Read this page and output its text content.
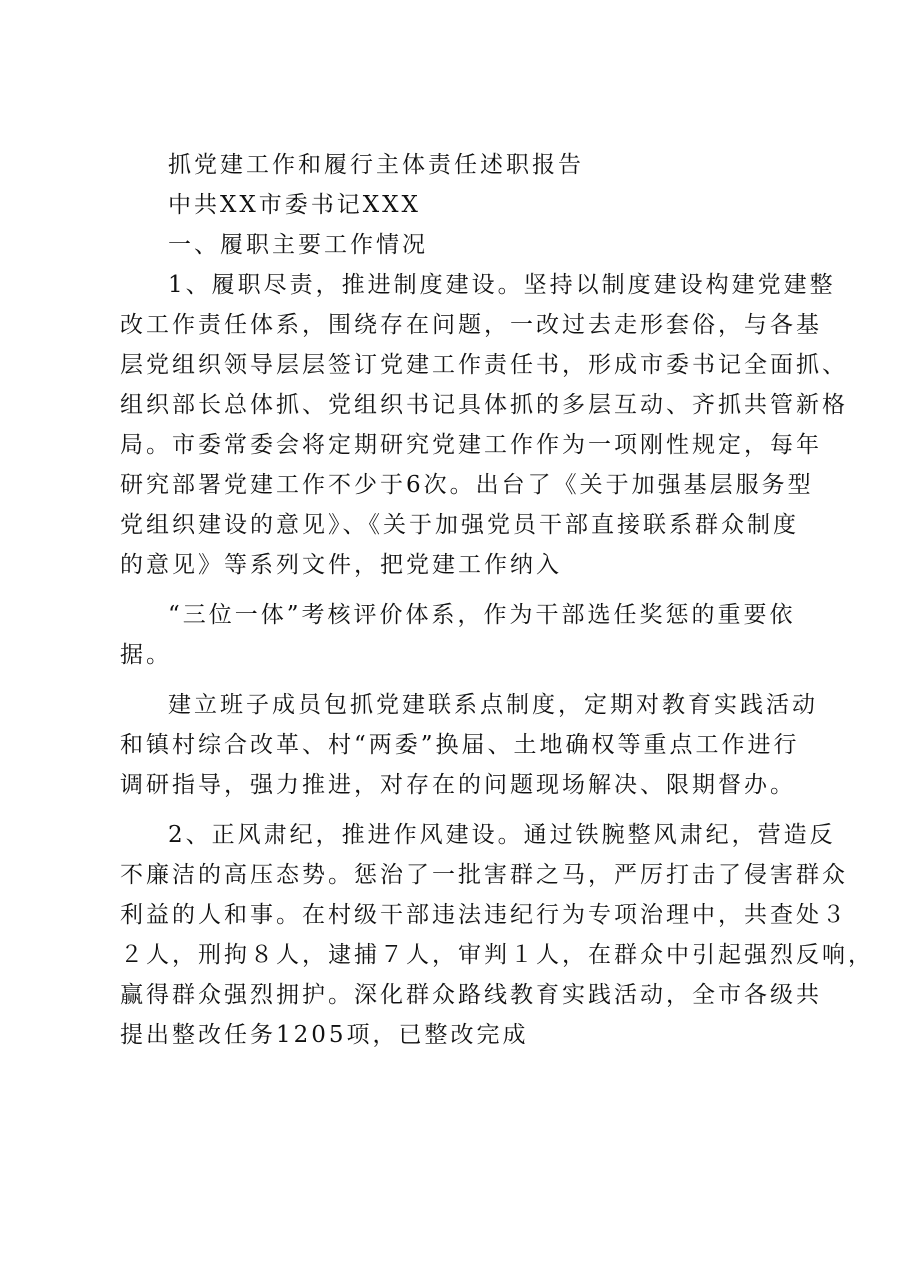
抓党建工作和履行主体责任述职报告
中共XX市委书记XXX
一、履职主要工作情况
1、履职尽责，推进制度建设。坚持以制度建设构建党建整
改工作责任体系，围绕存在问题，一改过去走形套俗，与各基
层党组织领导层层签订党建工作责任书，形成市委书记全面抓、
组织部长总体抓、党组织书记具体抓的多层互动、齐抓共管新格
局。市委常委会将定期研究党建工作作为一项刚性规定，每年
研究部署党建工作不少于6次。出台了《关于加强基层服务型
党组织建设的意见》、《关于加强党员干部直接联系群众制度
的意见》等系列文件，把党建工作纳入
“三位一体”考核评价体系，作为干部选任奖惩的重要依
据。
建立班子成员包抓党建联系点制度，定期对教育实践活动
和镇村综合改革、村“两委”换届、土地确权等重点工作进行
调研指导，强力推进，对存在的问题现场解决、限期督办。
2、正风肃纪，推进作风建设。通过铁腕整风肃纪，营造反
不廉洁的高压态势。惩治了一批害群之马，严厉打击了侵害群众
利益的人和事。在村级干部违法违纪行为专项治理中，共查处３
２人，刑拘８人，逮捕７人，审判１人，在群众中引起强烈反响，
赢得群众强烈拥护。深化群众路线教育实践活动，全市各级共
提出整改任务1205项，已整改完成
